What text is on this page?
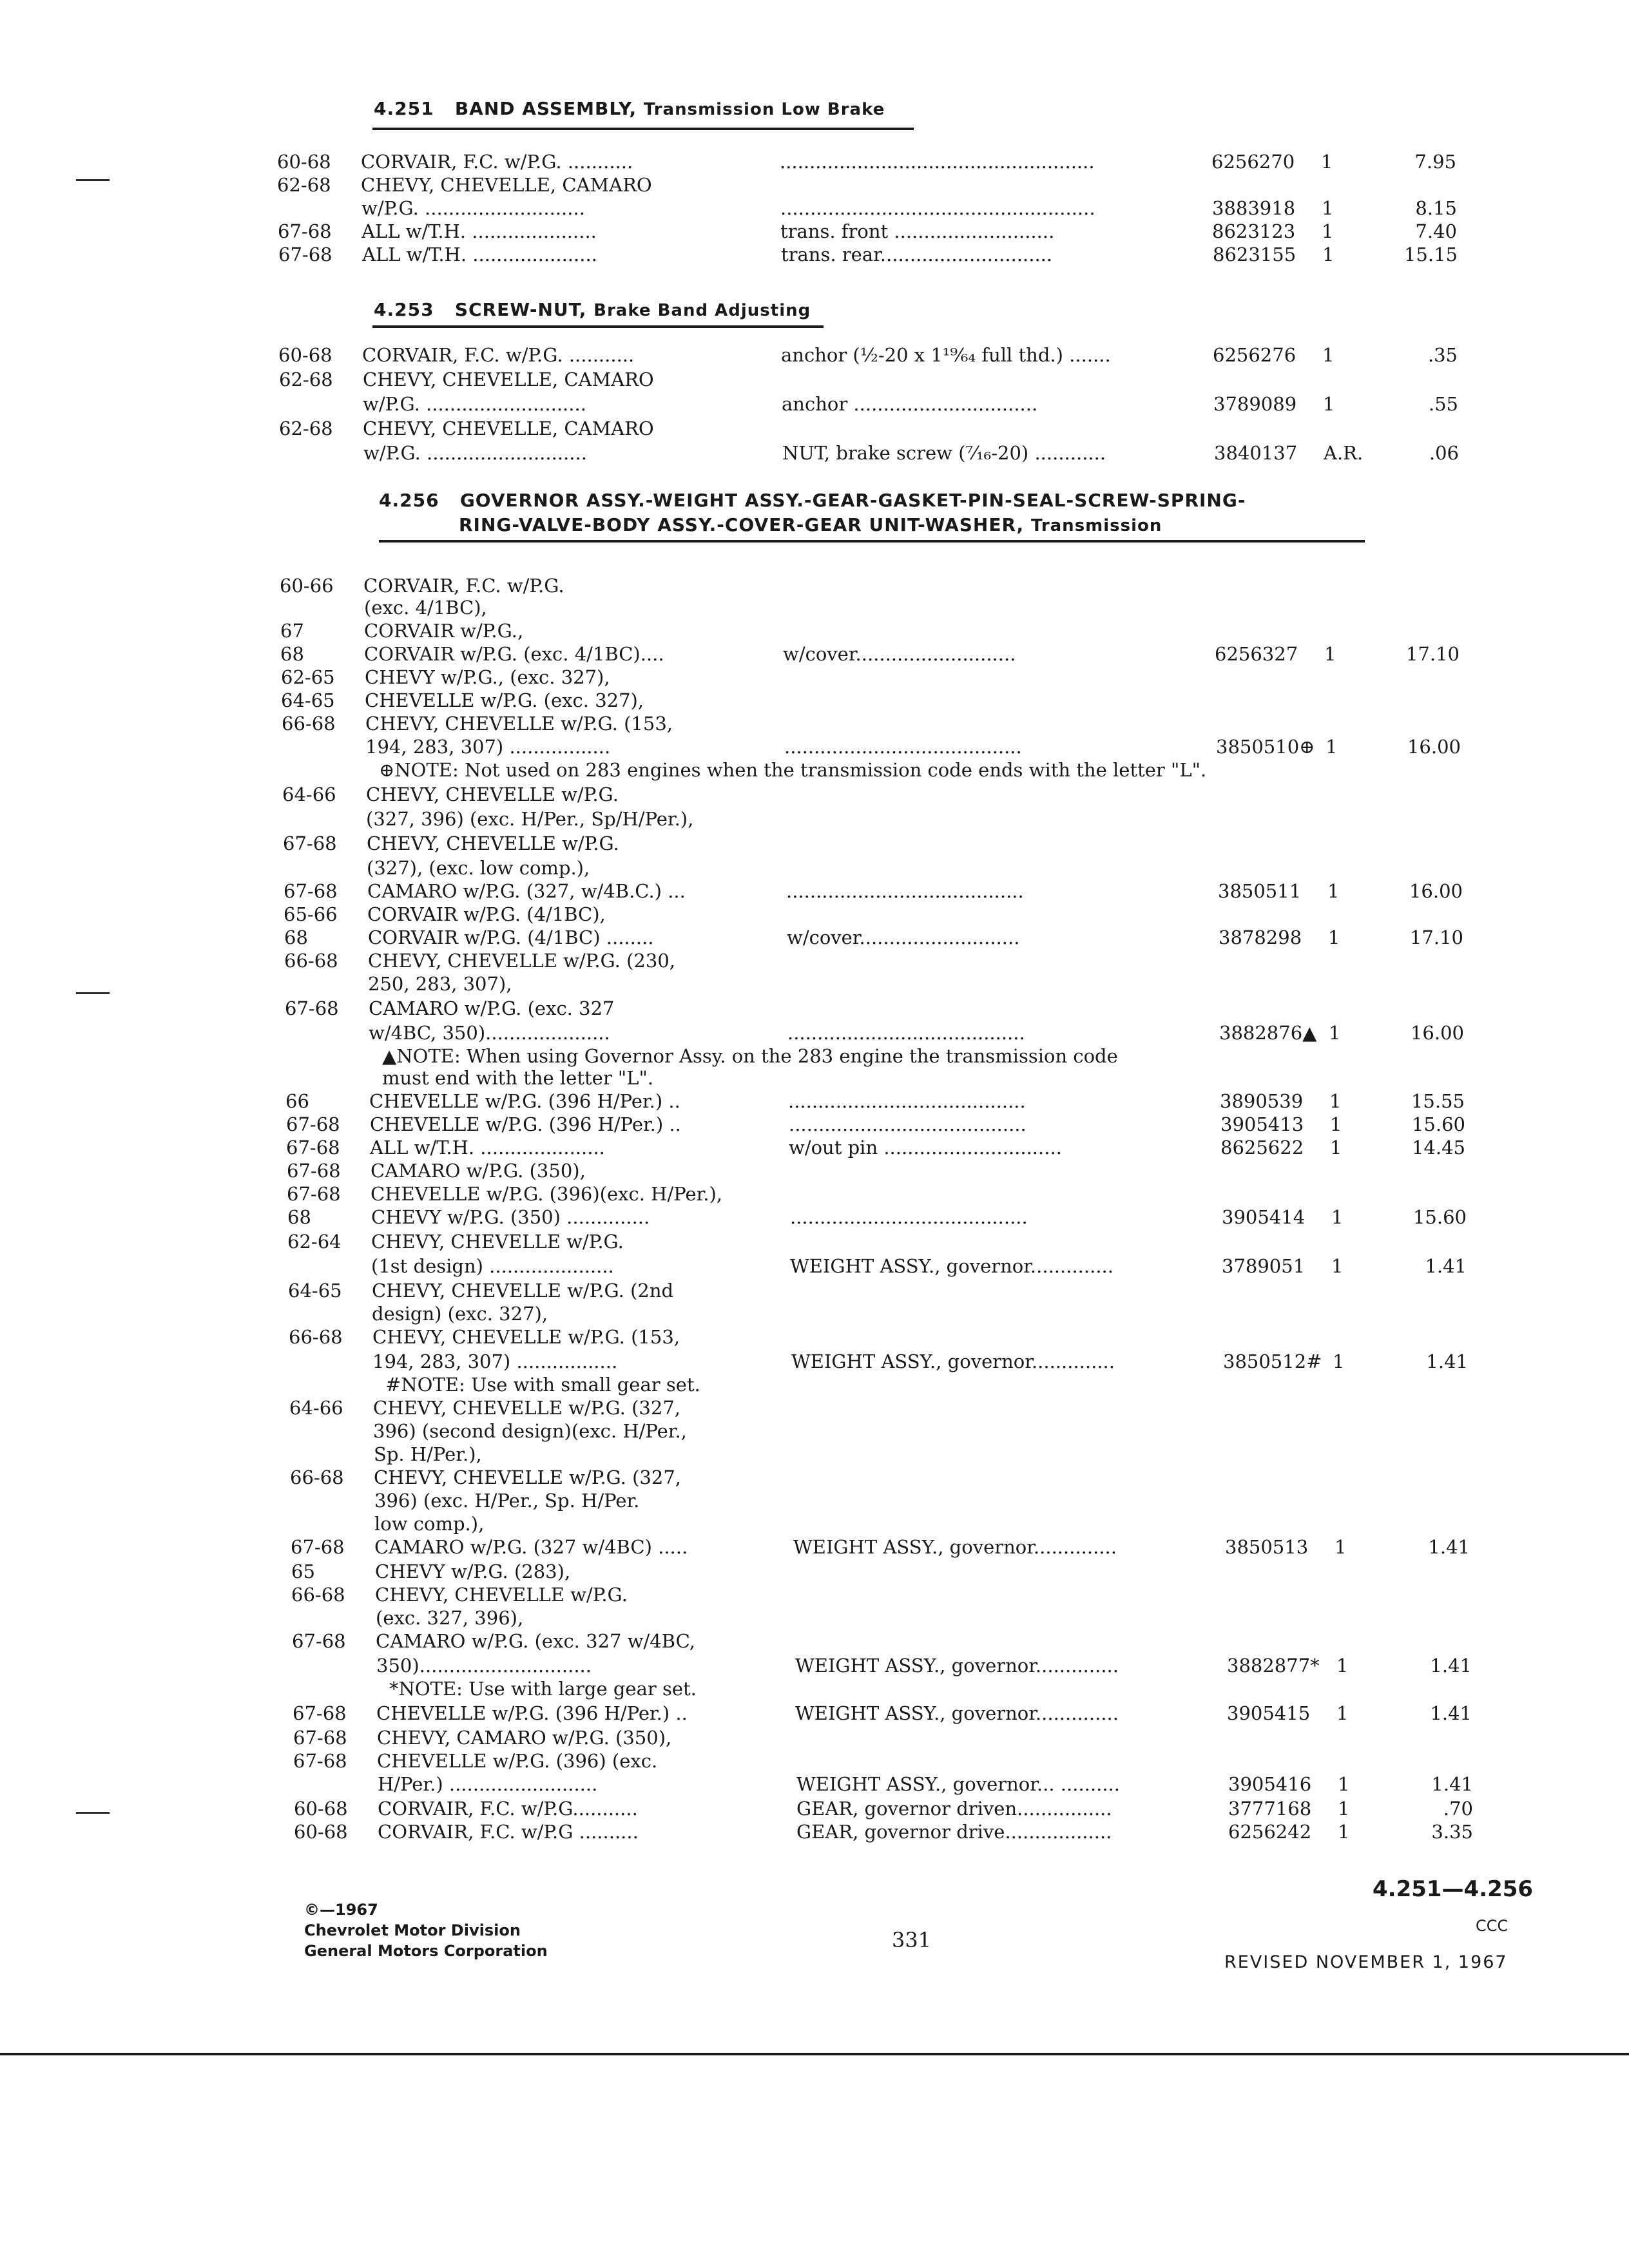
4.251 BAND ASSEMBLY, Transmission Low Brake
4.253 SCREW-NUT, Brake Band Adjusting
4.256 GOVERNOR ASSY.-WEIGHT ASSY.-GEAR-GASKET-PIN-SEAL-SCREW-SPRING-
RING-VALVE-BODY ASSY.-COVER-GEAR UNIT-WASHER, Transmission
60-68 CORVAIR, F.C. w/P.G. ...........	.....................................................	6256270 1	7.95
62-68 CHEVY, CHEVELLE, CAMARO
w/P.G. ...........................	.....................................................	3883918 1	8.15
67-68 ALL w/T.H. .....................	trans. front ...........................	8623123 1	7.40
67-68 ALL w/T.H. .....................	trans. rear.............................	8623155 1	15.15
60-68 CORVAIR, F.C. w/P.G. ...........	anchor (½-20 x 1¹⁹⁄₆₄ full thd.) .......	6256276 1	.35
62-68 CHEVY, CHEVELLE, CAMARO
w/P.G. ...........................	anchor ...............................	3789089 1	.55
62-68 CHEVY, CHEVELLE, CAMARO
w/P.G. ...........................	NUT, brake screw (⁷⁄₁₆-20) ............	3840137 A.R.	.06
60-66 CORVAIR, F.C. w/P.G.
(exc. 4/1BC),
67	CORVAIR w/P.G.,
68	CORVAIR w/P.G. (exc. 4/1BC)....	w/cover...........................	6256327 1	17.10
62-65 CHEVY w/P.G., (exc. 327),
64-65 CHEVELLE w/P.G. (exc. 327),
66-68 CHEVY, CHEVELLE w/P.G. (153,
194, 283, 307) .................	........................................	3850510⊕ 1	16.00
⊕NOTE: Not used on 283 engines when the transmission code ends with the letter "L".
64-66 CHEVY, CHEVELLE w/P.G.
(327, 396) (exc. H/Per., Sp/H/Per.),
67-68 CHEVY, CHEVELLE w/P.G.
(327), (exc. low comp.),
67-68 CAMARO w/P.G. (327, w/4B.C.) ...	........................................	3850511 1	16.00
65-66 CORVAIR w/P.G. (4/1BC),
68	CORVAIR w/P.G. (4/1BC) ........	w/cover...........................	3878298 1	17.10
66-68 CHEVY, CHEVELLE w/P.G. (230,
250, 283, 307),
67-68 CAMARO w/P.G. (exc. 327
w/4BC, 350).....................	........................................	3882876▲ 1	16.00
▲NOTE: When using Governor Assy. on the 283 engine the transmission code
must end with the letter "L".
66	CHEVELLE w/P.G. (396 H/Per.) ..	........................................	3890539 1	15.55
67-68 CHEVELLE w/P.G. (396 H/Per.) ..	........................................	3905413 1	15.60
67-68 ALL w/T.H. .....................	w/out pin ..............................	8625622 1	14.45
67-68 CAMARO w/P.G. (350),
67-68 CHEVELLE w/P.G. (396)(exc. H/Per.),
68	CHEVY w/P.G. (350) ..............	........................................	3905414 1	15.60
62-64 CHEVY, CHEVELLE w/P.G.
(1st design) .....................	WEIGHT ASSY., governor..............	3789051 1	1.41
64-65 CHEVY, CHEVELLE w/P.G. (2nd
design) (exc. 327),
66-68 CHEVY, CHEVELLE w/P.G. (153,
194, 283, 307) .................	WEIGHT ASSY., governor..............	3850512# 1	1.41
#NOTE: Use with small gear set.
64-66 CHEVY, CHEVELLE w/P.G. (327,
396) (second design)(exc. H/Per.,
Sp. H/Per.),
66-68 CHEVY, CHEVELLE w/P.G. (327,
396) (exc. H/Per., Sp. H/Per.
low comp.),
67-68 CAMARO w/P.G. (327 w/4BC) .....	WEIGHT ASSY., governor..............	3850513 1	1.41
65	CHEVY w/P.G. (283),
66-68 CHEVY, CHEVELLE w/P.G.
(exc. 327, 396),
67-68 CAMARO w/P.G. (exc. 327 w/4BC,
350).............................	WEIGHT ASSY., governor..............	3882877* 1	1.41
*NOTE: Use with large gear set.
67-68 CHEVELLE w/P.G. (396 H/Per.) ..	WEIGHT ASSY., governor..............	3905415 1	1.41
67-68 CHEVY, CAMARO w/P.G. (350),
67-68 CHEVELLE w/P.G. (396) (exc.
H/Per.) .........................	WEIGHT ASSY., governor... ..........	3905416 1	1.41
60-68 CORVAIR, F.C. w/P.G...........	GEAR, governor driven................	3777168 1	.70
60-68 CORVAIR, F.C. w/P.G ..........	GEAR, governor drive..................	6256242 1	3.35
4.251—4.256
©—1967
CCC
Chevrolet Motor Division	331
General Motors Corporation
REVISED NOVEMBER 1, 1967
